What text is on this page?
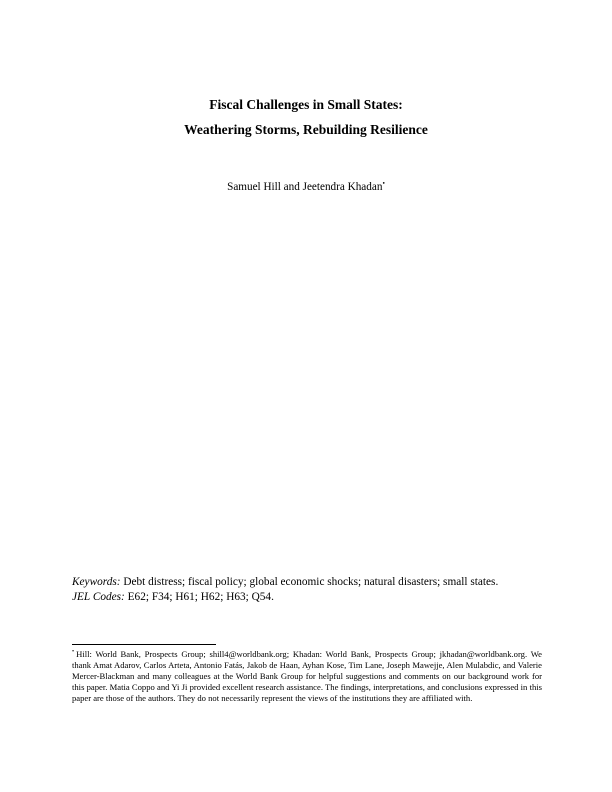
Fiscal Challenges in Small States:
Weathering Storms, Rebuilding Resilience
Samuel Hill and Jeetendra Khadan•
Keywords: Debt distress; fiscal policy; global economic shocks; natural disasters; small states.
JEL Codes: E62; F34; H61; H62; H63; Q54.
• Hill: World Bank, Prospects Group; shill4@worldbank.org; Khadan: World Bank, Prospects Group; jkhadan@worldbank.org. We thank Amat Adarov, Carlos Arteta, Antonio Fatás, Jakob de Haan, Ayhan Kose, Tim Lane, Joseph Mawejje, Alen Mulabdic, and Valerie Mercer-Blackman and many colleagues at the World Bank Group for helpful suggestions and comments on our background work for this paper. Matia Coppo and Yi Ji provided excellent research assistance. The findings, interpretations, and conclusions expressed in this paper are those of the authors. They do not necessarily represent the views of the institutions they are affiliated with.
